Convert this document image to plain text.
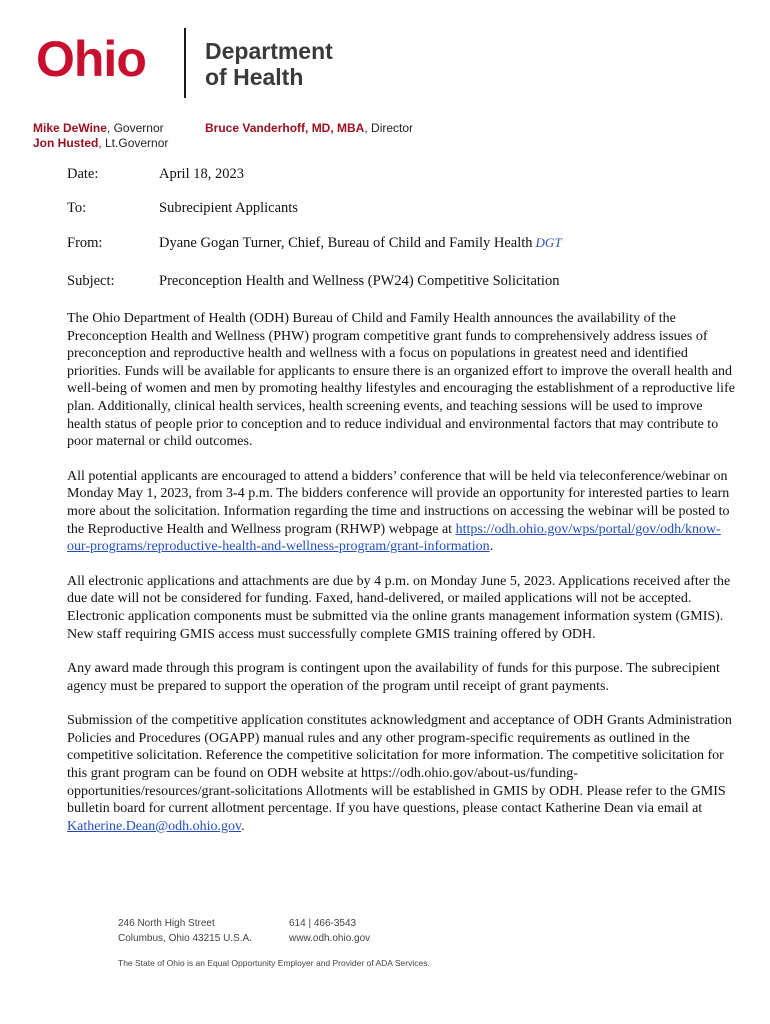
Ohio	Department
of Health
Mike DeWine, Governor
Jon Husted, Lt.Governor
Bruce Vanderhoff, MD, MBA, Director
Date:	April 18, 2023
To:	Subrecipient Applicants
From:	Dyane Gogan Turner, Chief, Bureau of Child and Family Health DGT
Subject:	Preconception Health and Wellness (PW24) Competitive Solicitation

The Ohio Department of Health (ODH) Bureau of Child and Family Health announces the availability of the Preconception Health and Wellness (PHW) program competitive grant funds to comprehensively address issues of preconception and reproductive health and wellness with a focus on populations in greatest need and identified priorities. Funds will be available for applicants to ensure there is an organized effort to improve the overall health and well-being of women and men by promoting healthy lifestyles and encouraging the establishment of a reproductive life plan. Additionally, clinical health services, health screening events, and teaching sessions will be used to improve health status of people prior to conception and to reduce individual and environmental factors that may contribute to poor maternal or child outcomes.

All potential applicants are encouraged to attend a bidders’ conference that will be held via teleconference/webinar on Monday May 1, 2023, from 3-4 p.m. The bidders conference will provide an opportunity for interested parties to learn more about the solicitation. Information regarding the time and instructions on accessing the webinar will be posted to the Reproductive Health and Wellness program (RHWP) webpage at https://odh.ohio.gov/wps/portal/gov/odh/know- our-programs/reproductive-health-and-wellness-program/grant-information.

All electronic applications and attachments are due by 4 p.m. on Monday June 5, 2023. Applications received after the due date will not be considered for funding. Faxed, hand-delivered, or mailed applications will not be accepted. Electronic application components must be submitted via the online grants management information system (GMIS). New staff requiring GMIS access must successfully complete GMIS training offered by ODH.

Any award made through this program is contingent upon the availability of funds for this purpose. The subrecipient agency must be prepared to support the operation of the program until receipt of grant payments.

Submission of the competitive application constitutes acknowledgment and acceptance of ODH Grants Administration Policies and Procedures (OGAPP) manual rules and any other program-specific requirements as outlined in the competitive solicitation. Reference the competitive solicitation for more information. The competitive solicitation for this grant program can be found on ODH website at https://odh.ohio.gov/about-us/funding-opportunities/resources/grant-solicitations Allotments will be established in GMIS by ODH. Please refer to the GMIS bulletin board for current allotment percentage. If you have questions, please contact Katherine Dean via email at Katherine.Dean@odh.ohio.gov.

246 North High Street
Columbus, Ohio 43215 U.S.A.
614 | 466-3543
www.odh.ohio.gov
The State of Ohio is an Equal Opportunity Employer and Provider of ADA Services.
